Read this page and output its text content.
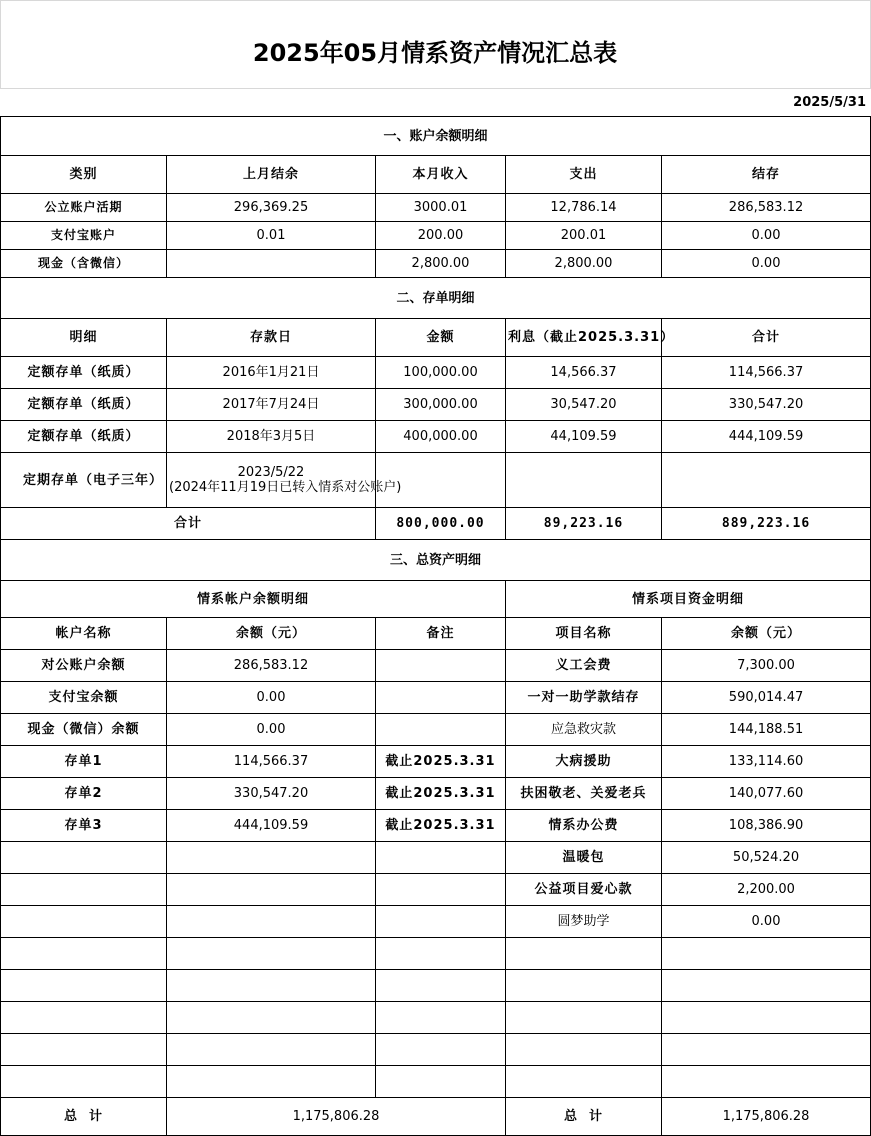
2025年05月情系资产情况汇总表
2025/5/31
一、账户余额明细				
类别	上月结余	本月收入	支出	结存
公立账户活期	296,369.25	3000.01	12,786.14	286,583.12
支付宝账户	0.01	200.00	200.01	0.00
现金（含微信）		2,800.00	2,800.00	0.00
二、存单明细				
明细	存款日	金额	利息（截止2025.3.31）	合计
定额存单（纸质）	2016年1月21日	100,000.00	14,566.37	114,566.37
定额存单（纸质）	2017年7月24日	300,000.00	30,547.20	330,547.20
定额存单（纸质）	2018年3月5日	400,000.00	44,109.59	444,109.59
定期存单（电子三年）	2023/5/22
(2024年11月19日已转入情系对公账户)			

合计		800,000.00	89,223.16	889,223.16
三、总资产明细				
情系帐户余额明细			情系项目资金明细	
帐户名称	余额（元）	备注	项目名称	余额（元）
对公账户余额	286,583.12		义工会费	7,300.00
支付宝余额	0.00		一对一助学款结存	590,014.47
现金（微信）余额	0.00		应急救灾款	144,188.51
存单1	114,566.37	截止2025.3.31	大病援助	133,114.60
存单2	330,547.20	截止2025.3.31	扶困敬老、关爱老兵	140,077.60
存单3	444,109.59	截止2025.3.31	情系办公费	108,386.90
			温暖包	50,524.20
			公益项目爱心款	2,200.00
			圆梦助学	0.00

总  计	1,175,806.28		总  计	1,175,806.28
